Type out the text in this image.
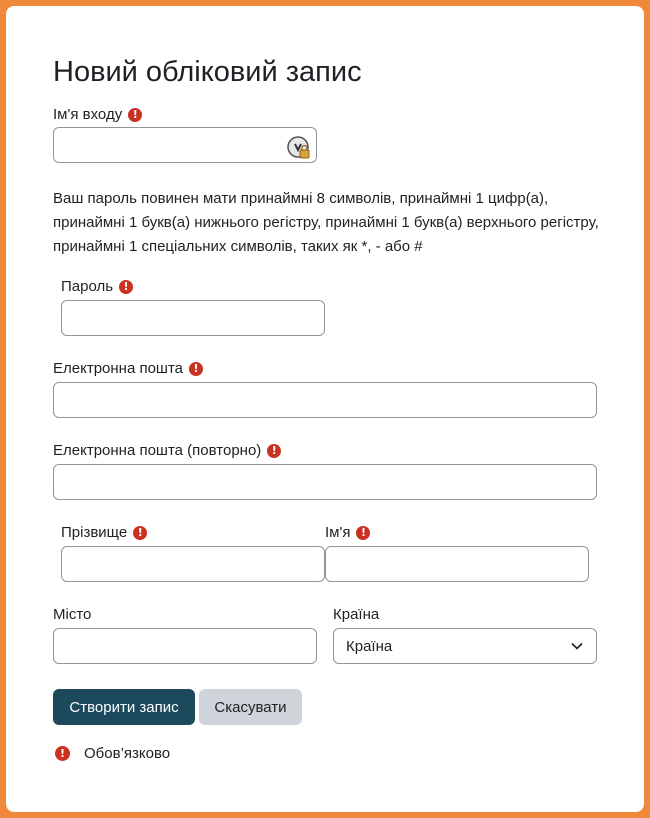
Новий обліковий запис
Ім'я входу !

Ваш пароль повинен мати принаймні 8 символів, принаймні 1 цифр(а), принаймні 1 букв(а) нижнього регістру, принаймні 1 букв(а) верхнього регістру, принаймні 1 спеціальних символів, таких як *, - або #

Пароль !
Електронна пошта !
Електронна пошта (повторно) !
Прізвище !	Ім'я !
Місто	Країна
Країна
Створити запис	Скасувати
!	Обов’язково
